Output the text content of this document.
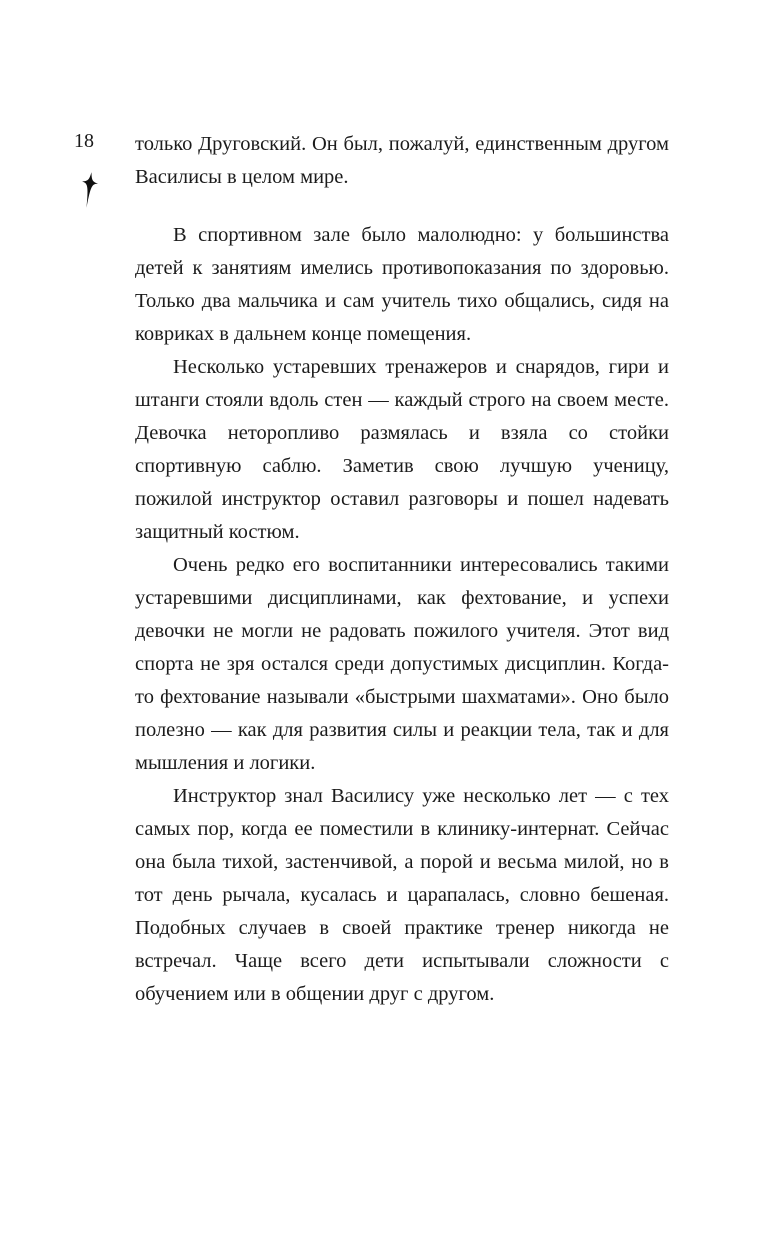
18 только Друговский. Он был, пожалуй, единственным другом Василисы в целом мире.

В спортивном зале было малолюдно: у большинства детей к занятиям имелись противопоказания по здоровью. Только два мальчика и сам учитель тихо общались, сидя на ковриках в дальнем конце помещения.

Несколько устаревших тренажеров и снарядов, гири и штанги стояли вдоль стен — каждый строго на своем месте. Девочка неторопливо размялась и взяла со стойки спортивную саблю. Заметив свою лучшую ученицу, пожилой инструктор оставил разговоры и пошел надевать защитный костюм.

Очень редко его воспитанники интересовались такими устаревшими дисциплинами, как фехтование, и успехи девочки не могли не радовать пожилого учителя. Этот вид спорта не зря остался среди допустимых дисциплин. Когда-то фехтование называли «быстрыми шахматами». Оно было полезно — как для развития силы и реакции тела, так и для мышления и логики.

Инструктор знал Василису уже несколько лет — с тех самых пор, когда ее поместили в клинику-интернат. Сейчас она была тихой, застенчивой, а порой и весьма милой, но в тот день рычала, кусалась и царапалась, словно бешеная. Подобных случаев в своей практике тренер никогда не встречал. Чаще всего дети испытывали сложности с обучением или в общении друг с другом.
